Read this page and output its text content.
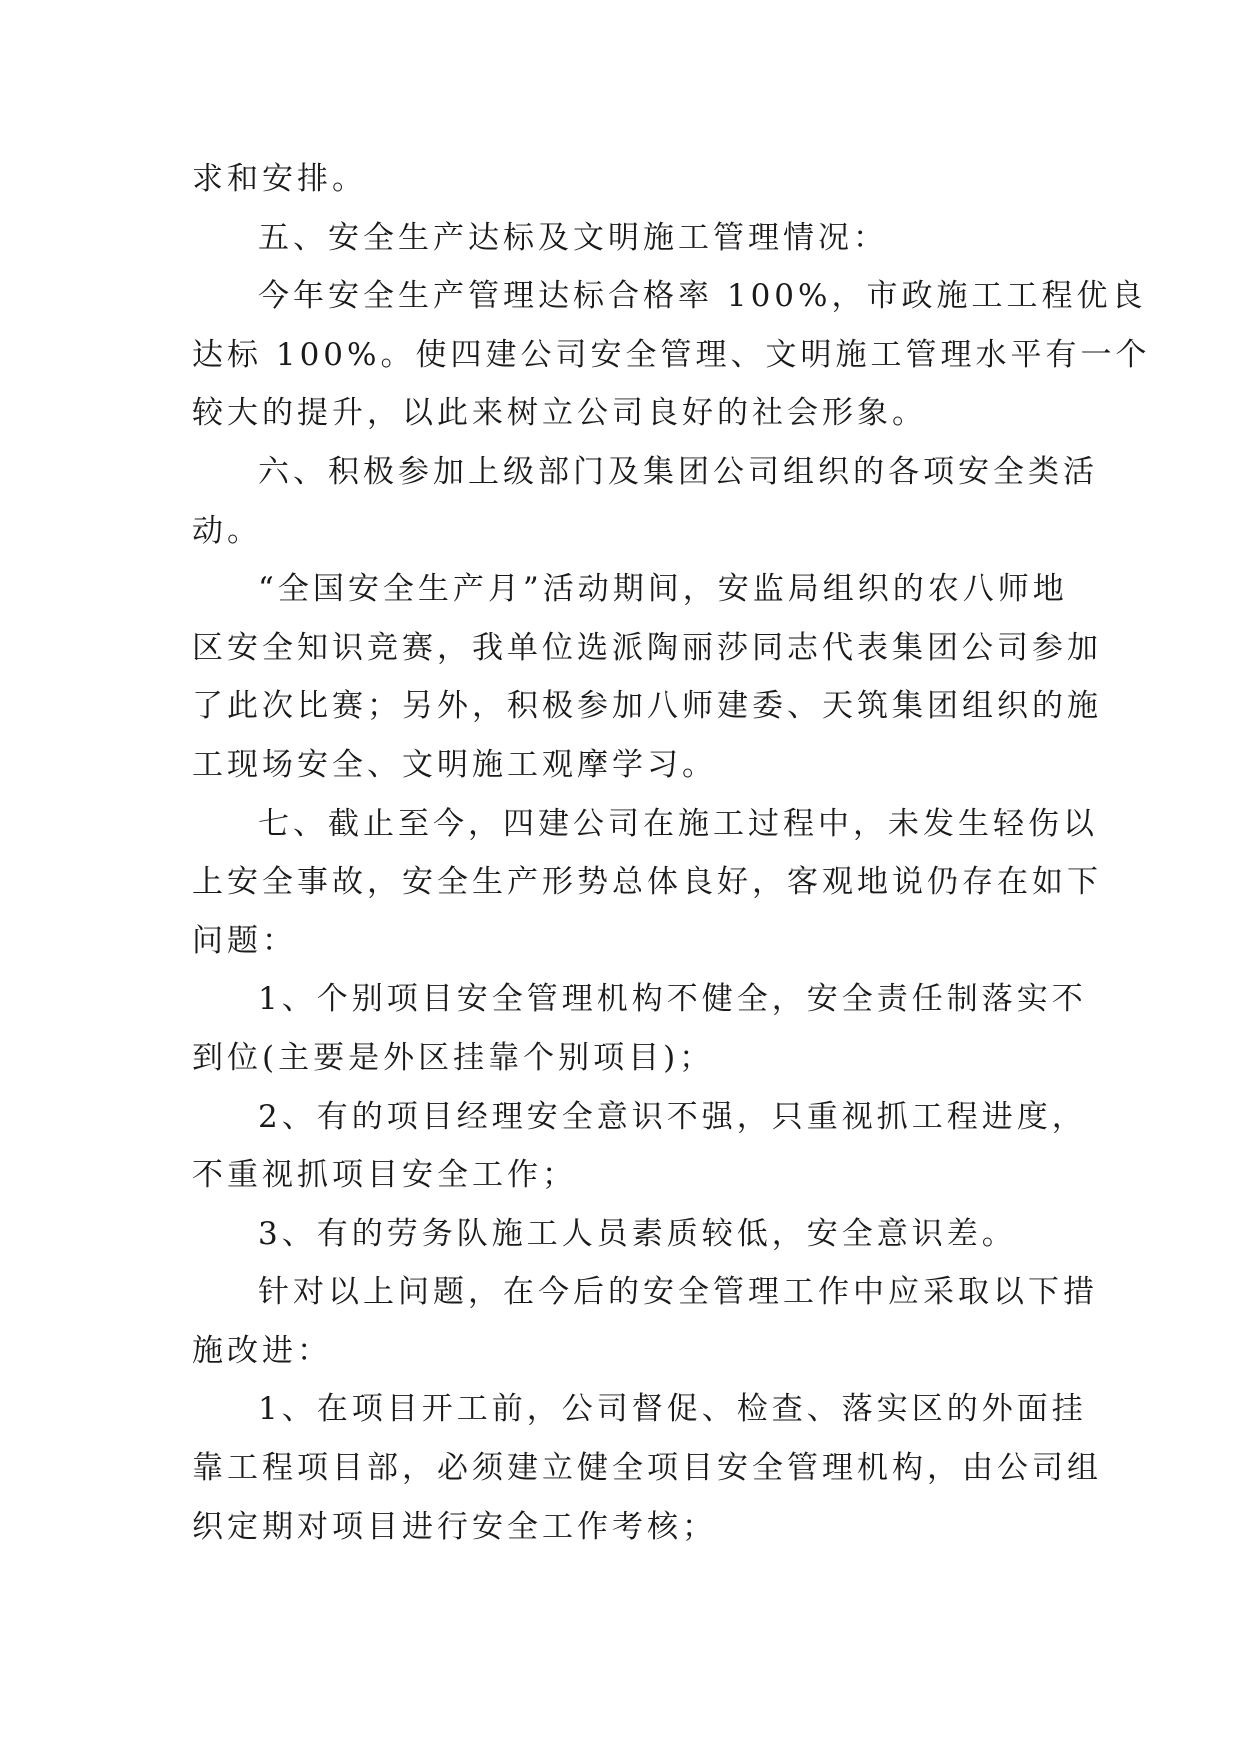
求和安排。
五、安全生产达标及文明施工管理情况：
今年安全生产管理达标合格率 100%，市政施工工程优良
达标 100%。使四建公司安全管理、文明施工管理水平有一个
较大的提升，以此来树立公司良好的社会形象。
六、积极参加上级部门及集团公司组织的各项安全类活
动。
“全国安全生产月”活动期间，安监局组织的农八师地
区安全知识竞赛，我单位选派陶丽莎同志代表集团公司参加
了此次比赛；另外，积极参加八师建委、天筑集团组织的施
工现场安全、文明施工观摩学习。
七、截止至今，四建公司在施工过程中，未发生轻伤以
上安全事故，安全生产形势总体良好，客观地说仍存在如下
问题：
1、个别项目安全管理机构不健全，安全责任制落实不
到位(主要是外区挂靠个别项目)；
2、有的项目经理安全意识不强，只重视抓工程进度，
不重视抓项目安全工作；
3、有的劳务队施工人员素质较低，安全意识差。
针对以上问题，在今后的安全管理工作中应采取以下措
施改进：
1、在项目开工前，公司督促、检查、落实区的外面挂
靠工程项目部，必须建立健全项目安全管理机构，由公司组
织定期对项目进行安全工作考核；
